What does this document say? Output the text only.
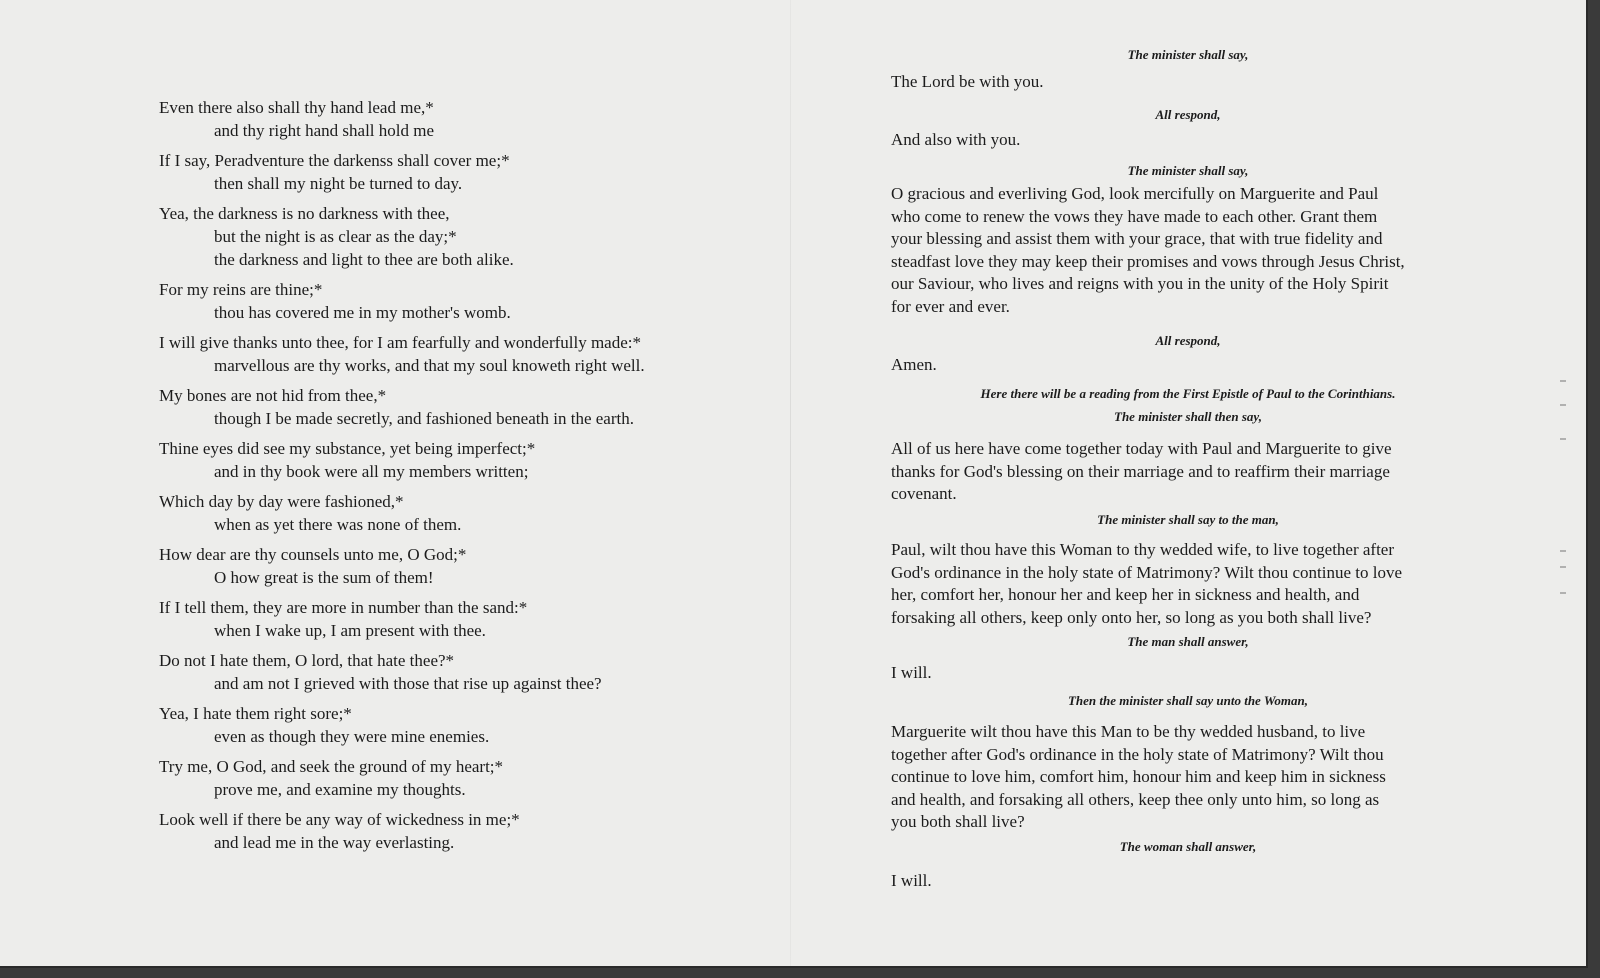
Even there also shall thy hand lead me,*
and thy right hand shall hold me
If I say, Peradventure the darkenss shall cover me;*
then shall my night be turned to day.
Yea, the darkness is no darkness with thee,
but the night is as clear as the day;*
the darkness and light to thee are both alike.
For my reins are thine;*
thou has covered me in my mother's womb.
I will give thanks unto thee, for I am fearfully and wonderfully made:*
marvellous are thy works, and that my soul knoweth right well.
My bones are not hid from thee,*
though I be made secretly, and fashioned beneath in the earth.
Thine eyes did see my substance, yet being imperfect;*
and in thy book were all my members written;
Which day by day were fashioned,*
when as yet there was none of them.
How dear are thy counsels unto me, O God;*
O how great is the sum of them!
If I tell them, they are more in number than the sand:*
when I wake up, I am present with thee.
Do not I hate them, O lord, that hate thee?*
and am not I grieved with those that rise up against thee?
Yea, I hate them right sore;*
even as though they were mine enemies.
Try me, O God, and seek the ground of my heart;*
prove me, and examine my thoughts.
Look well if there be any way of wickedness in me;*
and lead me in the way everlasting.
The minister shall say,
The Lord be with you.
All respond,
And also with you.
The minister shall say,
O gracious and everliving God, look mercifully on Marguerite and Paul
who come to renew the vows they have made to each other. Grant them
your blessing and assist them with your grace, that with true fidelity and
steadfast love they may keep their promises and vows through Jesus Christ,
our Saviour, who lives and reigns with you in the unity of the Holy Spirit
for ever and ever.
All respond,
Amen.
Here there will be a reading from the First Epistle of Paul to the Corinthians.
The minister shall then say,
All of us here have come together today with Paul and Marguerite to give
thanks for God's blessing on their marriage and to reaffirm their marriage
covenant.
The minister shall say to the man,
Paul, wilt thou have this Woman to thy wedded wife, to live together after
God's ordinance in the holy state of Matrimony? Wilt thou continue to love
her, comfort her, honour her and keep her in sickness and health, and
forsaking all others, keep only onto her, so long as you both shall live?
The man shall answer,
I will.
Then the minister shall say unto the Woman,
Marguerite wilt thou have this Man to be thy wedded husband, to live
together after God's ordinance in the holy state of Matrimony? Wilt thou
continue to love him, comfort him, honour him and keep him in sickness
and health, and forsaking all others, keep thee only unto him, so long as
you both shall live?
The woman shall answer,
I will.
